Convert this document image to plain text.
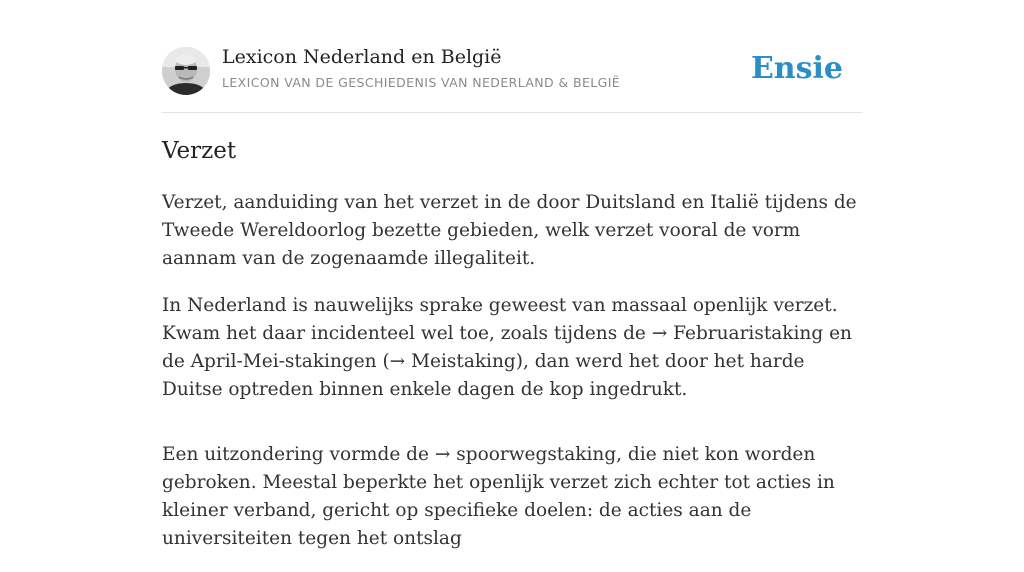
Lexicon Nederland en België
LEXICON VAN DE GESCHIEDENIS VAN NEDERLAND & BELGIË	Ensie
Verzet

Verzet, aanduiding van het verzet in de door Duitsland en Italië tijdens de Tweede Wereldoorlog bezette gebieden, welk verzet vooral de vorm aannam van de zogenaamde illegaliteit.

In Nederland is nauwelijks sprake geweest van massaal openlijk verzet. Kwam het daar incidenteel wel toe, zoals tijdens de → Februaristaking en de April-Mei-stakingen (→ Meistaking), dan werd het door het harde Duitse optreden binnen enkele dagen de kop ingedrukt.

Een uitzondering vormde de → spoorwegstaking, die niet kon worden gebroken. Meestal beperkte het openlijk verzet zich echter tot acties in kleiner verband, gericht op specifieke doelen: de acties aan de universiteiten tegen het ontslag
